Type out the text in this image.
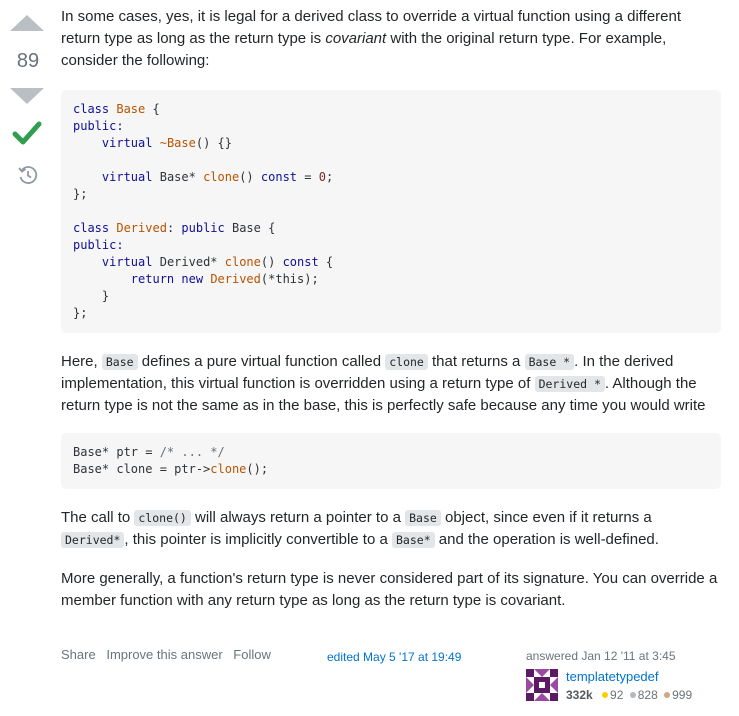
89

In some cases, yes, it is legal for a derived class to override a virtual function using a different return type as long as the return type is covariant with the original return type. For example, consider the following:

class Base {
public:
virtual ~Base() {}

virtual Base* clone() const = 0;
};

class Derived: public Base {
public:
virtual Derived* clone() const {
return new Derived(*this);
}
};

Here, Base defines a pure virtual function called clone that returns a Base * . In the derived implementation, this virtual function is overridden using a return type of Derived * . Although the return type is not the same as in the base, this is perfectly safe because any time you would write

Base* ptr = /* ... */
Base* clone = ptr->clone();

The call to clone() will always return a pointer to a Base object, since even if it returns a Derived* , this pointer is implicitly convertible to a Base* and the operation is well-defined.

More generally, a function's return type is never considered part of its signature. You can override a member function with any return type as long as the return type is covariant.

Share Improve this answer Follow	edited May 5 '17 at 19:49	answered Jan 12 '11 at 3:45
templatetypedef
332k 92 828 999
